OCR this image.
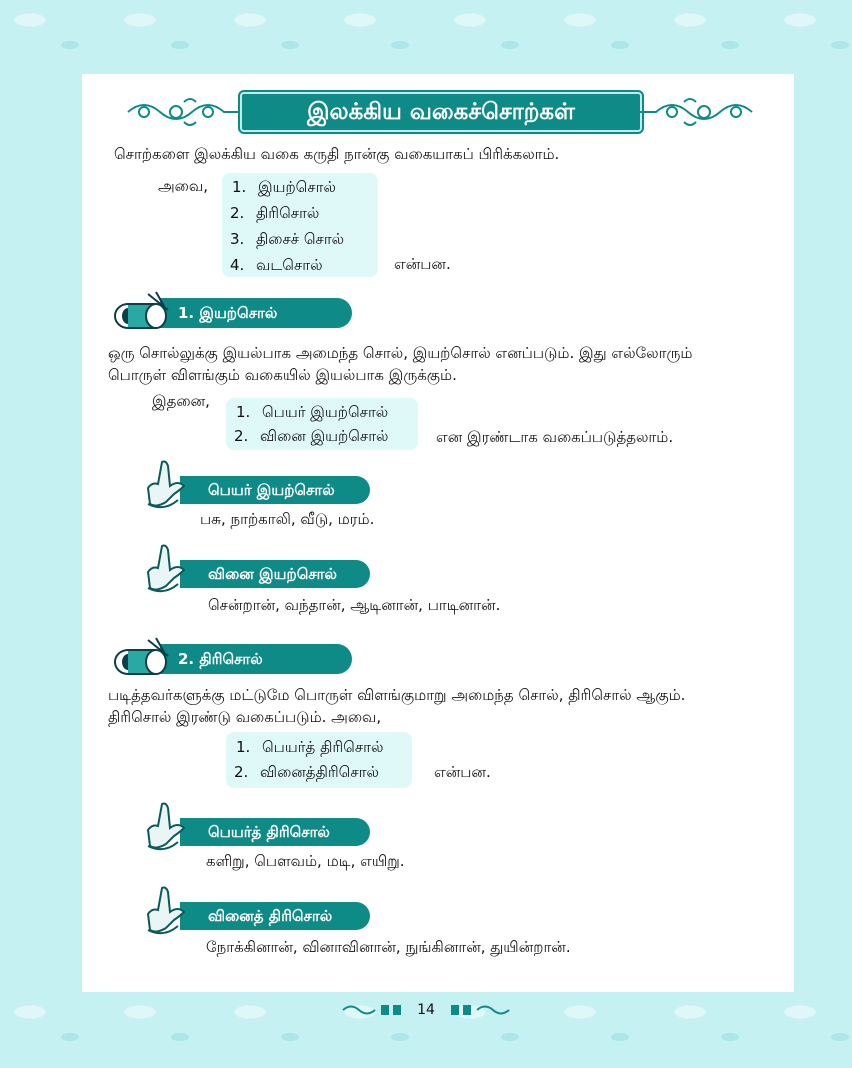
இலக்கிய வகைச்சொற்கள்
சொற்களை இலக்கிய வகை கருதி நான்கு வகையாகப் பிரிக்கலாம்.
அவை, 1. இயற்சொல்
2. திரிசொல்
3. திசைச் சொல்
4. வடசொல்	என்பன.
1. இயற்சொல்
ஒரு சொல்லுக்கு இயல்பாக அமைந்த சொல், இயற்சொல் எனப்படும். இது எல்லோரும்
பொருள் விளங்கும் வகையில் இயல்பாக இருக்கும்.
இதனை,
1. பெயர் இயற்சொல்
2. வினை இயற்சொல்	என இரண்டாக வகைப்படுத்தலாம்.
பெயர் இயற்சொல்
பசு, நாற்காலி, வீடு, மரம்.
வினை இயற்சொல்
சென்றான், வந்தான், ஆடினான், பாடினான்.
2. திரிசொல்
படித்தவர்களுக்கு மட்டுமே பொருள் விளங்குமாறு அமைந்த சொல், திரிசொல் ஆகும்.
திரிசொல் இரண்டு வகைப்படும். அவை,
1. பெயர்த் திரிசொல்
2. வினைத்திரிசொல்	என்பன.
பெயர்த் திரிசொல்
களிறு, பௌவம், மடி, எயிறு.
வினைத் திரிசொல்
நோக்கினான், வினாவினான், நுங்கினான், துயின்றான்.
14
